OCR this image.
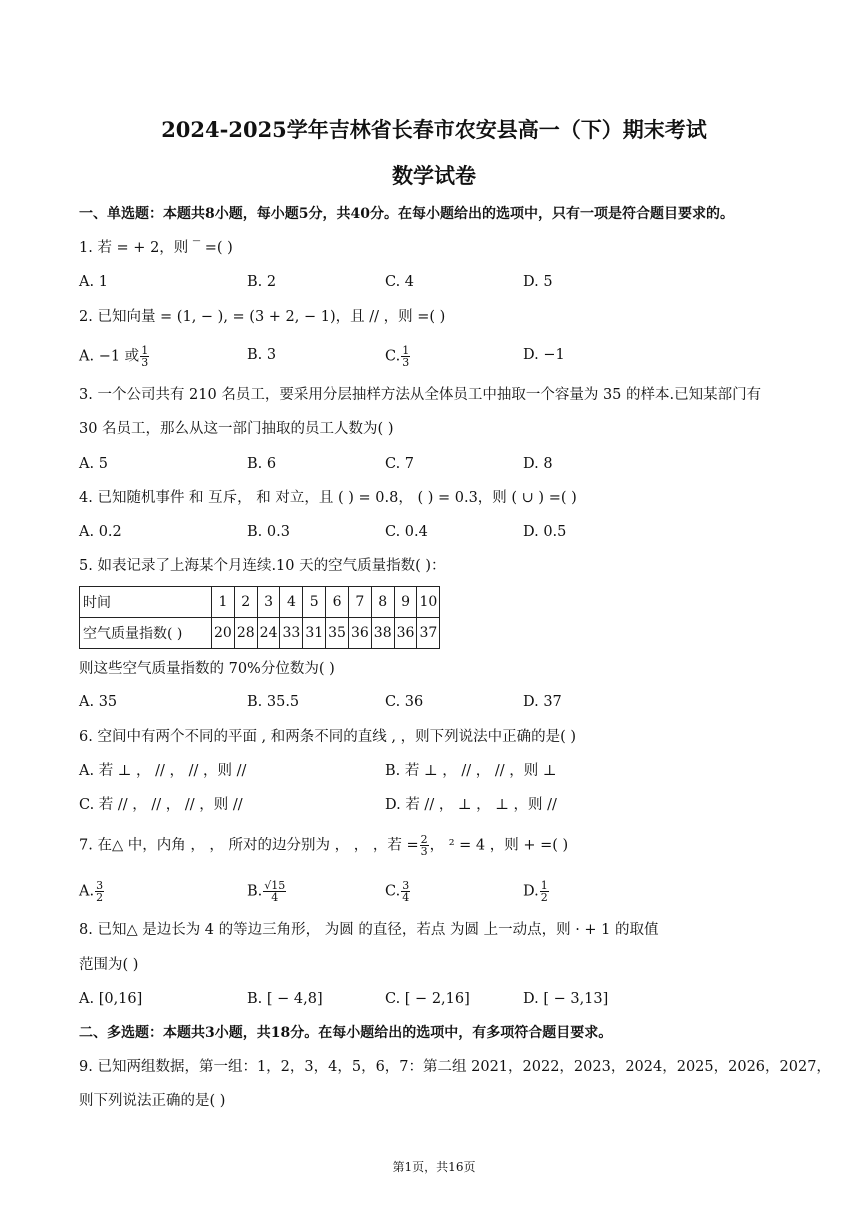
2024-2025学年吉林省长春市农安县高一（下）期末考试
数学试卷
一、单选题：本题共8小题，每小题5分，共40分。在每小题给出的选项中，只有一项是符合题目要求的。
1. 若 = + 2，则 ‾ =( )
A. 1	B. 2	C. 4	D. 5
2. 已知向量 = (1, − ), = (3 + 2, − 1)，且 // ，则 =( )
A. −1 或 $\frac{1}{3}$	B. 3	C. $\frac{1}{3}$	D. −1
3. 一个公司共有 210 名员工，要采用分层抽样方法从全体员工中抽取一个容量为 35 的样本.已知某部门有
30 名员工，那么从这一部门抽取的员工人数为( )
A. 5	B. 6	C. 7	D. 8
4. 已知随机事件 和 互斥， 和 对立，且 ( ) = 0.8， ( ) = 0.3，则 ( ∪ ) =( )
A. 0.2	B. 0.3	C. 0.4	D. 0.5
5. 如表记录了上海某个月连续.10 天的空气质量指数( )：
时间	1	2	3	4	5	6	7	8	9	10
空气质量指数( )	20	28	24	33	31	35	36	38	36	37
则这些空气质量指数的 70%分位数为( )
A. 35	B. 35.5	C. 36	D. 37
6. 空间中有两个不同的平面 , 和两条不同的直线 , ，则下列说法中正确的是( )
A. 若 ⊥ ， // ， // ，则 //	B. 若 ⊥ ， // ， // ，则 ⊥
C. 若 // ， // ， // ，则 //	D. 若 // ， ⊥ ， ⊥ ，则 //
7. 在△ 中，内角 ， ， 所对的边分别为 ， ， ，若 = $\frac{2}{3}$ ， ² = 4 ，则 + =( )
A. $\frac{3}{2}$	B. $\frac{√15}{4}$	C. $\frac{3}{4}$	D. $\frac{1}{2}$
8. 已知△ 是边长为 4 的等边三角形， 为圆 的直径，若点 为圆 上一动点，则 · + 1 的取值
范围为( )
A. [0,16]	B. [ − 4,8]	C. [ − 2,16]	D. [ − 3,13]
二、多选题：本题共3小题，共18分。在每小题给出的选项中，有多项符合题目要求。
9. 已知两组数据，第一组：1，2，3，4，5，6，7：第二组 2021，2022，2023，2024，2025，2026，2027，
则下列说法正确的是( )
第1页，共16页
